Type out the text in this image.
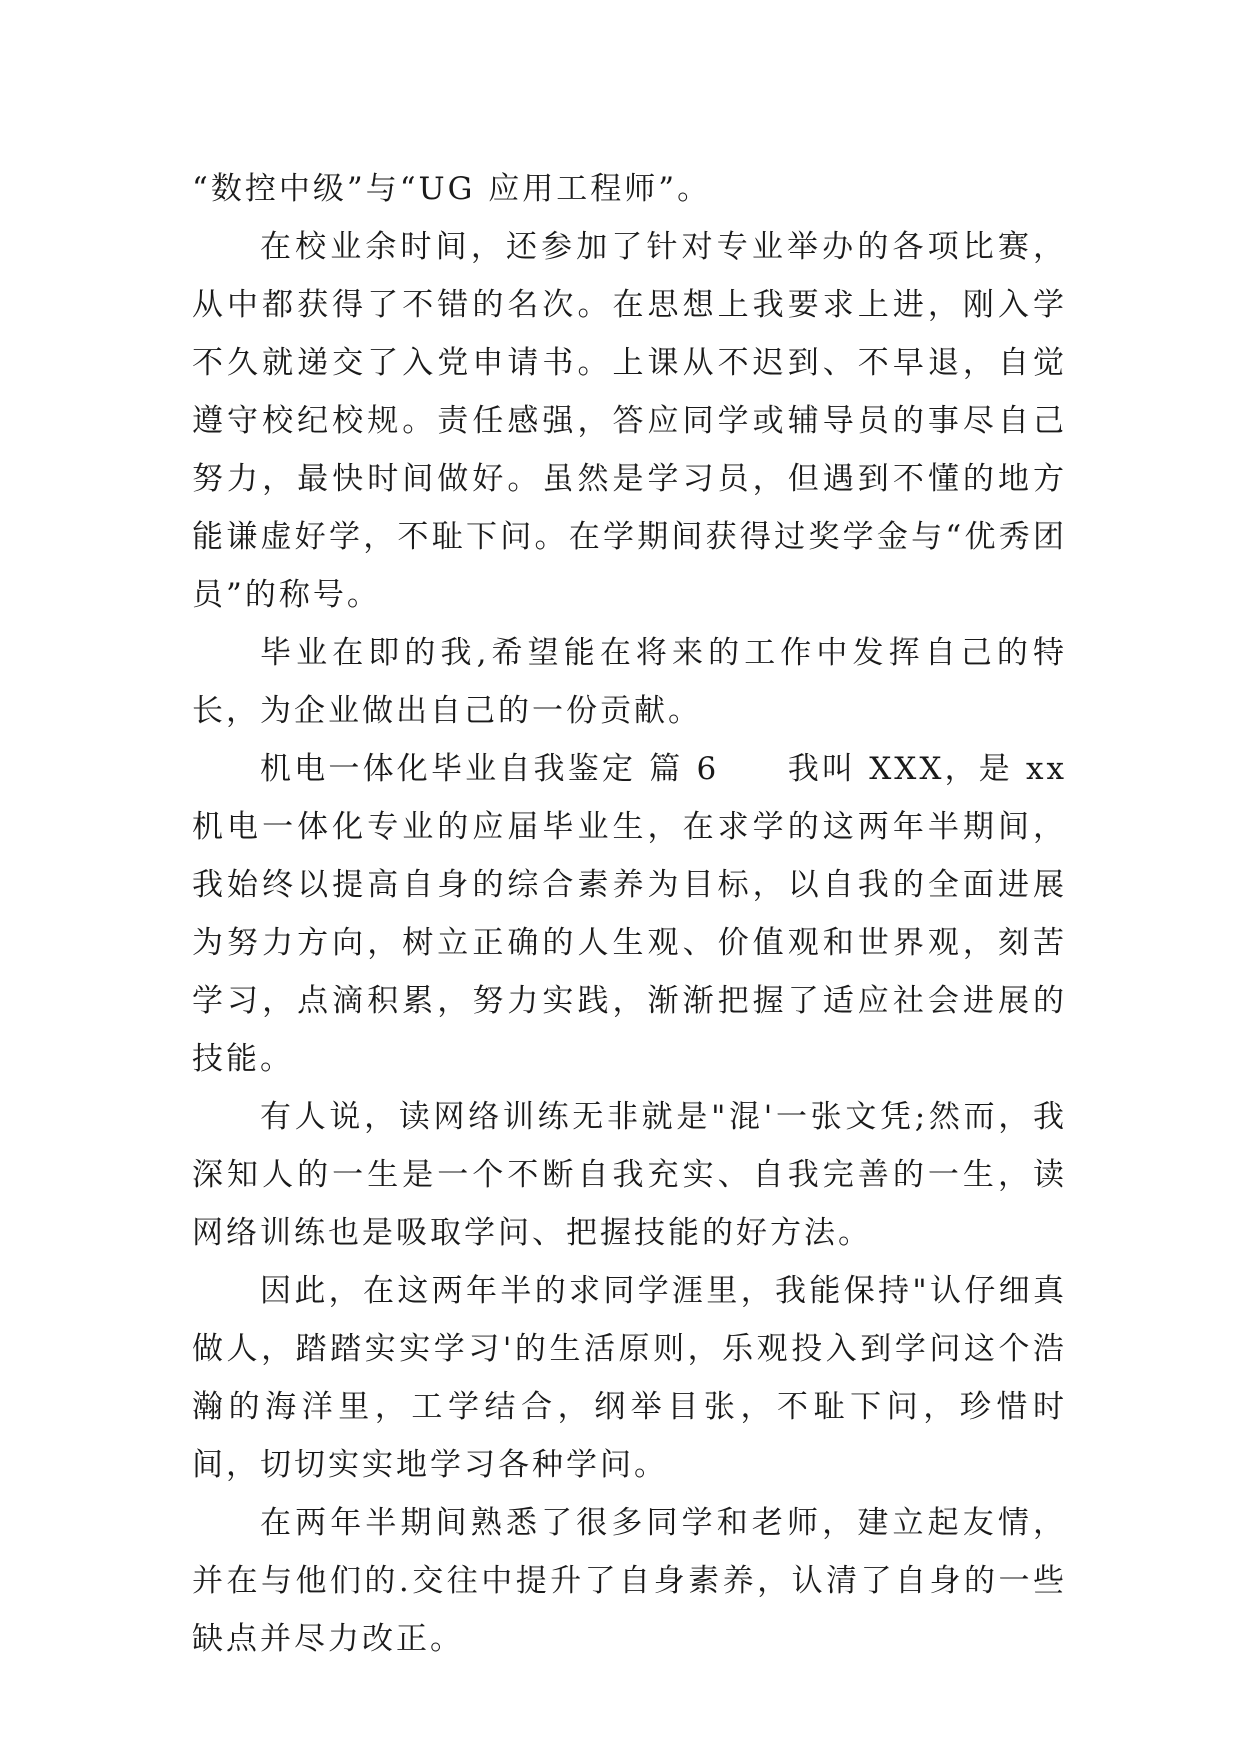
“数控中级”与“UG 应用工程师”。

在校业余时间，还参加了针对专业举办的各项比赛，从中都获得了不错的名次。在思想上我要求上进，刚入学不久就递交了入党申请书。上课从不迟到、不早退，自觉遵守校纪校规。责任感强，答应同学或辅导员的事尽自己努力，最快时间做好。虽然是学习员，但遇到不懂的地方能谦虚好学，不耻下问。在学期间获得过奖学金与“优秀团员”的称号。

毕业在即的我,希望能在将来的工作中发挥自己的特长，为企业做出自己的一份贡献。

机电一体化毕业自我鉴定 篇 6　　我叫 XXX，是 xx 机电一体化专业的应届毕业生，在求学的这两年半期间，我始终以提高自身的综合素养为目标，以自我的全面进展为努力方向，树立正确的人生观、价值观和世界观，刻苦学习，点滴积累，努力实践，渐渐把握了适应社会进展的技能。

有人说，读网络训练无非就是"混'一张文凭;然而，我深知人的一生是一个不断自我充实、自我完善的一生，读网络训练也是吸取学问、把握技能的好方法。

因此，在这两年半的求同学涯里，我能保持"认仔细真做人，踏踏实实学习'的生活原则，乐观投入到学问这个浩瀚的海洋里，工学结合，纲举目张，不耻下问，珍惜时间，切切实实地学习各种学问。

在两年半期间熟悉了很多同学和老师，建立起友情，并在与他们的.交往中提升了自身素养，认清了自身的一些缺点并尽力改正。
